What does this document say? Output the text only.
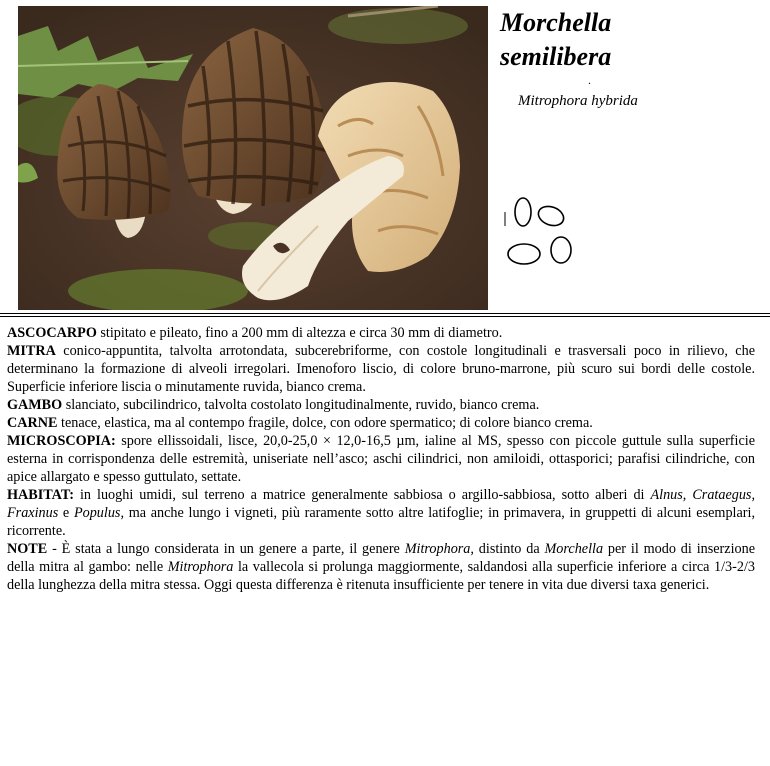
Morchella

semilibera

.
Mitrophora hybrida

ASCOCARPO stipitato e pileato, fino a 200 mm di altezza e circa 30 mm di diametro.

MITRA conico-appuntita, talvolta arrotondata, subcerebriforme, con costole longitudinali e trasversali poco in rilievo, che determinano la formazione di alveoli irregolari. Imenoforo liscio, di colore bruno-marrone, più scuro sui bordi delle costole. Superficie inferiore liscia o minutamente ruvida, bianco crema.

GAMBO slanciato, subcilindrico, talvolta costolato longitudinalmente, ruvido, bianco crema.

CARNE tenace, elastica, ma al contempo fragile, dolce, con odore spermatico; di colore bianco crema.

MICROSCOPIA: spore ellissoidali, lisce, 20,0-25,0 × 12,0-16,5 µm, ialine al MS, spesso con piccole guttule sulla superficie esterna in corrispondenza delle estremità, uniseriate nell’asco; aschi cilindrici, non amiloidi, ottasporici; parafisi cilindriche, con apice allargato e spesso guttulato, settate.

HABITAT: in luoghi umidi, sul terreno a matrice generalmente sabbiosa o argillo-sabbiosa, sotto alberi di Alnus, Crataegus, Fraxinus e Populus, ma anche lungo i vigneti, più raramente sotto altre latifoglie; in primavera, in gruppetti di alcuni esemplari, ricorrente.

NOTE - È stata a lungo considerata in un genere a parte, il genere Mitrophora, distinto da Morchella per il modo di inserzione della mitra al gambo: nelle Mitrophora la vallecola si prolunga maggiormente, saldandosi alla superficie inferiore a circa 1/3-2/3 della lunghezza della mitra stessa. Oggi questa differenza è ritenuta insufficiente per tenere in vita due diversi taxa generici.
